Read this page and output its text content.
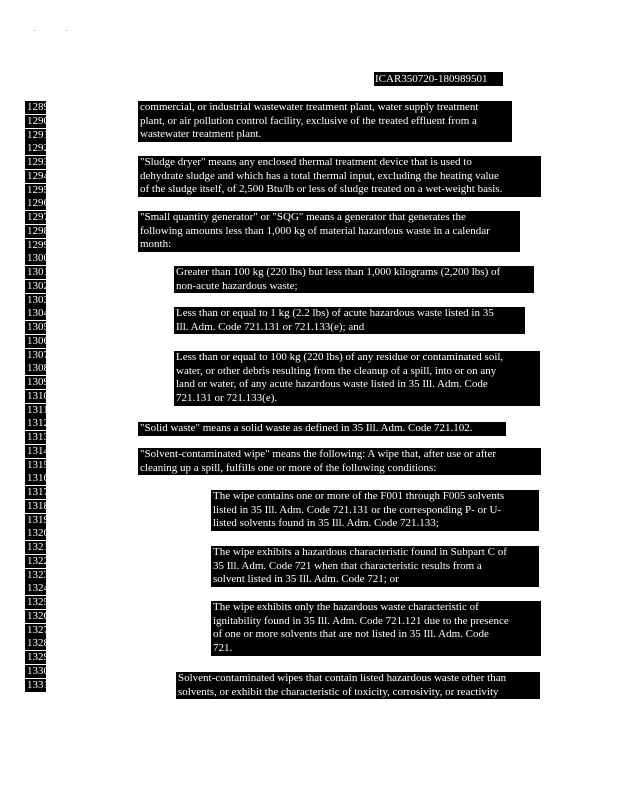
ICAR350720-180989501
1289
1290
1291
1292
1293
1294
1295
1296
1297
1298
1299
1300
1301
1302
1303
1304
1305
1306
1307
1308
1309
1310
1311
1312
1313
1314
1315
1316
1317
1318
1319
1320
1321
1322
1323
1324
1325
1326
1327
1328
1329
1330
1331
commercial, or industrial wastewater treatment plant, water supply treatment
plant, or air pollution control facility, exclusive of the treated effluent from a
wastewater treatment plant.
"Sludge dryer" means any enclosed thermal treatment device that is used to
dehydrate sludge and which has a total thermal input, excluding the heating value
of the sludge itself, of 2,500 Btu/lb or less of sludge treated on a wet-weight basis.
"Small quantity generator" or "SQG" means a generator that generates the
following amounts less than 1,000 kg of material hazardous waste in a calendar
month:
Greater than 100 kg (220 lbs) but less than 1,000 kilograms (2,200 lbs) of
non-acute hazardous waste;
Less than or equal to 1 kg (2.2 lbs) of acute hazardous waste listed in 35
Ill. Adm. Code 721.131 or 721.133(e); and
Less than or equal to 100 kg (220 lbs) of any residue or contaminated soil,
water, or other debris resulting from the cleanup of a spill, into or on any
land or water, of any acute hazardous waste listed in 35 Ill. Adm. Code
721.131 or 721.133(e).
"Solid waste" means a solid waste as defined in 35 Ill. Adm. Code 721.102.
"Solvent-contaminated wipe" means the following: A wipe that, after use or after
cleaning up a spill, fulfills one or more of the following conditions:
The wipe contains one or more of the F001 through F005 solvents
listed in 35 Ill. Adm. Code 721.131 or the corresponding P- or U-
listed solvents found in 35 Ill. Adm. Code 721.133;
The wipe exhibits a hazardous characteristic found in Subpart C of
35 Ill. Adm. Code 721 when that characteristic results from a
solvent listed in 35 Ill. Adm. Code 721; or
The wipe exhibits only the hazardous waste characteristic of
ignitability found in 35 Ill. Adm. Code 721.121 due to the presence
of one or more solvents that are not listed in 35 Ill. Adm. Code
721.
Solvent-contaminated wipes that contain listed hazardous waste other than
solvents, or exhibit the characteristic of toxicity, corrosivity, or reactivity
